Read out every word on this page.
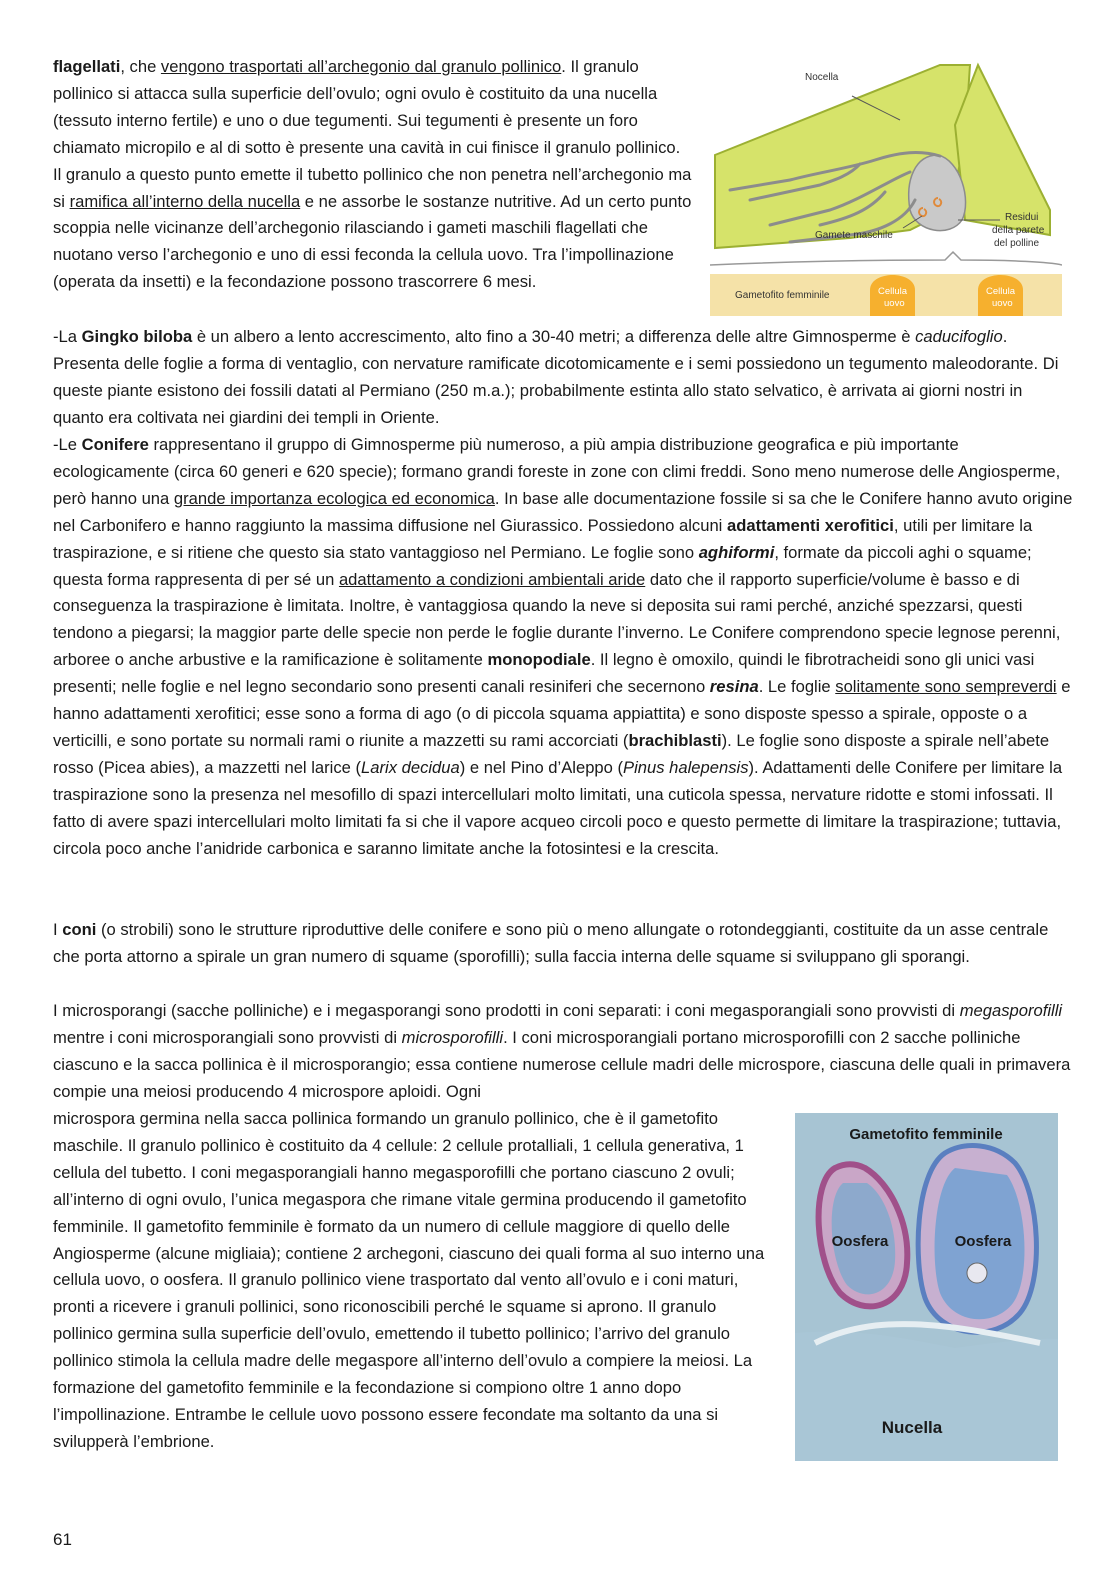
flagellati, che vengono trasportati all’archegonio dal granulo pollinico. Il granulo pollinico si attacca sulla superficie dell’ovulo; ogni ovulo è costituito da una nucella (tessuto interno fertile) e uno o due tegumenti. Sui tegumenti è presente un foro chiamato micropilo e al di sotto è presente una cavità in cui finisce il granulo pollinico. Il granulo a questo punto emette il tubetto pollinico che non penetra nell’archegonio ma si ramifica all’interno della nucella e ne assorbe le sostanze nutritive. Ad un certo punto scoppia nelle vicinanze dell’archegonio rilasciando i gameti maschili flagellati che nuotano verso l’archegonio e uno di essi feconda la cellula uovo. Tra l’impollinazione (operata da insetti) e la fecondazione possono trascorrere 6 mesi.

Nocella
Gamete maschile
Residui
della parete
del polline
Gametofito femminile	Cellula
uovo
Cellula
uovo

-La Gingko biloba è un albero a lento accrescimento, alto fino a 30-40 metri; a differenza delle altre Gimnosperme è caducifoglio. Presenta delle foglie a forma di ventaglio, con nervature ramificate dicotomicamente e i semi possiedono un tegumento maleodorante. Di queste piante esistono dei fossili datati al Permiano (250 m.a.); probabilmente estinta allo stato selvatico, è arrivata ai giorni nostri in quanto era coltivata nei giardini dei templi in Oriente.

-Le Conifere rappresentano il gruppo di Gimnosperme più numeroso, a più ampia distribuzione geografica e più importante ecologicamente (circa 60 generi e 620 specie); formano grandi foreste in zone con climi freddi. Sono meno numerose delle Angiosperme, però hanno una grande importanza ecologica ed economica. In base alle documentazione fossile si sa che le Conifere hanno avuto origine nel Carbonifero e hanno raggiunto la massima diffusione nel Giurassico. Possiedono alcuni adattamenti xerofitici, utili per limitare la traspirazione, e si ritiene che questo sia stato vantaggioso nel Permiano. Le foglie sono aghiformi, formate da piccoli aghi o squame; questa forma rappresenta di per sé un adattamento a condizioni ambientali aride dato che il rapporto superficie/volume è basso e di conseguenza la traspirazione è limitata. Inoltre, è vantaggiosa quando la neve si deposita sui rami perché, anziché spezzarsi, questi tendono a piegarsi; la maggior parte delle specie non perde le foglie durante l’inverno. Le Conifere comprendono specie legnose perenni, arboree o anche arbustive e la ramificazione è solitamente monopodiale. Il legno è omoxilo, quindi le fibrotracheidi sono gli unici vasi presenti; nelle foglie e nel legno secondario sono presenti canali resiniferi che secernono resina. Le foglie solitamente sono sempreverdi e hanno adattamenti xerofitici; esse sono a forma di ago (o di piccola squama appiattita) e sono disposte spesso a spirale, opposte o a verticilli, e sono portate su normali rami o riunite a mazzetti su rami accorciati (brachiblasti). Le foglie sono disposte a spirale nell’abete rosso (Picea abies), a mazzetti nel larice (Larix decidua) e nel Pino d’Aleppo (Pinus halepensis). Adattamenti delle Conifere per limitare la traspirazione sono la presenza nel mesofillo di spazi intercellulari molto limitati, una cuticola spessa, nervature ridotte e stomi infossati. Il fatto di avere spazi intercellulari molto limitati fa si che il vapore acqueo circoli poco e questo permette di limitare la traspirazione; tuttavia, circola poco anche l’anidride carbonica e saranno limitate anche la fotosintesi e la crescita.

I coni (o strobili) sono le strutture riproduttive delle conifere e sono più o meno allungate o rotondeggianti, costituite da un asse centrale che porta attorno a spirale un gran numero di squame (sporofilli); sulla faccia interna delle squame si sviluppano gli sporangi.

I microsporangi (sacche polliniche) e i megasporangi sono prodotti in coni separati: i coni megasporangiali sono provvisti di megasporofilli mentre i coni microsporangiali sono provvisti di microsporofilli. I coni microsporangiali portano microsporofilli con 2 sacche polliniche ciascuno e la sacca pollinica è il microsporangio; essa contiene numerose cellule madri delle microspore, ciascuna delle quali in primavera compie una meiosi producendo 4 microspore aploidi. Ogni

microspora germina nella sacca pollinica formando un granulo pollinico, che è il gametofito maschile. Il granulo pollinico è costituito da 4 cellule: 2 cellule protalliali, 1 cellula generativa, 1 cellula del tubetto. I coni megasporangiali hanno megasporofilli che portano ciascuno 2 ovuli; all’interno di ogni ovulo, l’unica megaspora che rimane vitale germina producendo il gametofito femminile. Il gametofito femminile è formato da un numero di cellule maggiore di quello delle Angiosperme (alcune migliaia); contiene 2 archegoni, ciascuno dei quali forma al suo interno una cellula uovo, o oosfera. Il granulo pollinico viene trasportato dal vento all’ovulo e i coni maturi, pronti a ricevere i granuli pollinici, sono riconoscibili perché le squame si aprono. Il granulo pollinico germina sulla superficie dell’ovulo, emettendo il tubetto pollinico; l’arrivo del granulo pollinico stimola la cellula madre delle megaspore all’interno dell’ovulo a compiere la meiosi. La formazione del gametofito femminile e la fecondazione si compiono oltre 1 anno dopo l’impollinazione. Entrambe le cellule uovo possono essere fecondate ma soltanto da una si svilupperà l’embrione.

Gametofito femminile
Oosfera	Oosfera
Nucella
61
